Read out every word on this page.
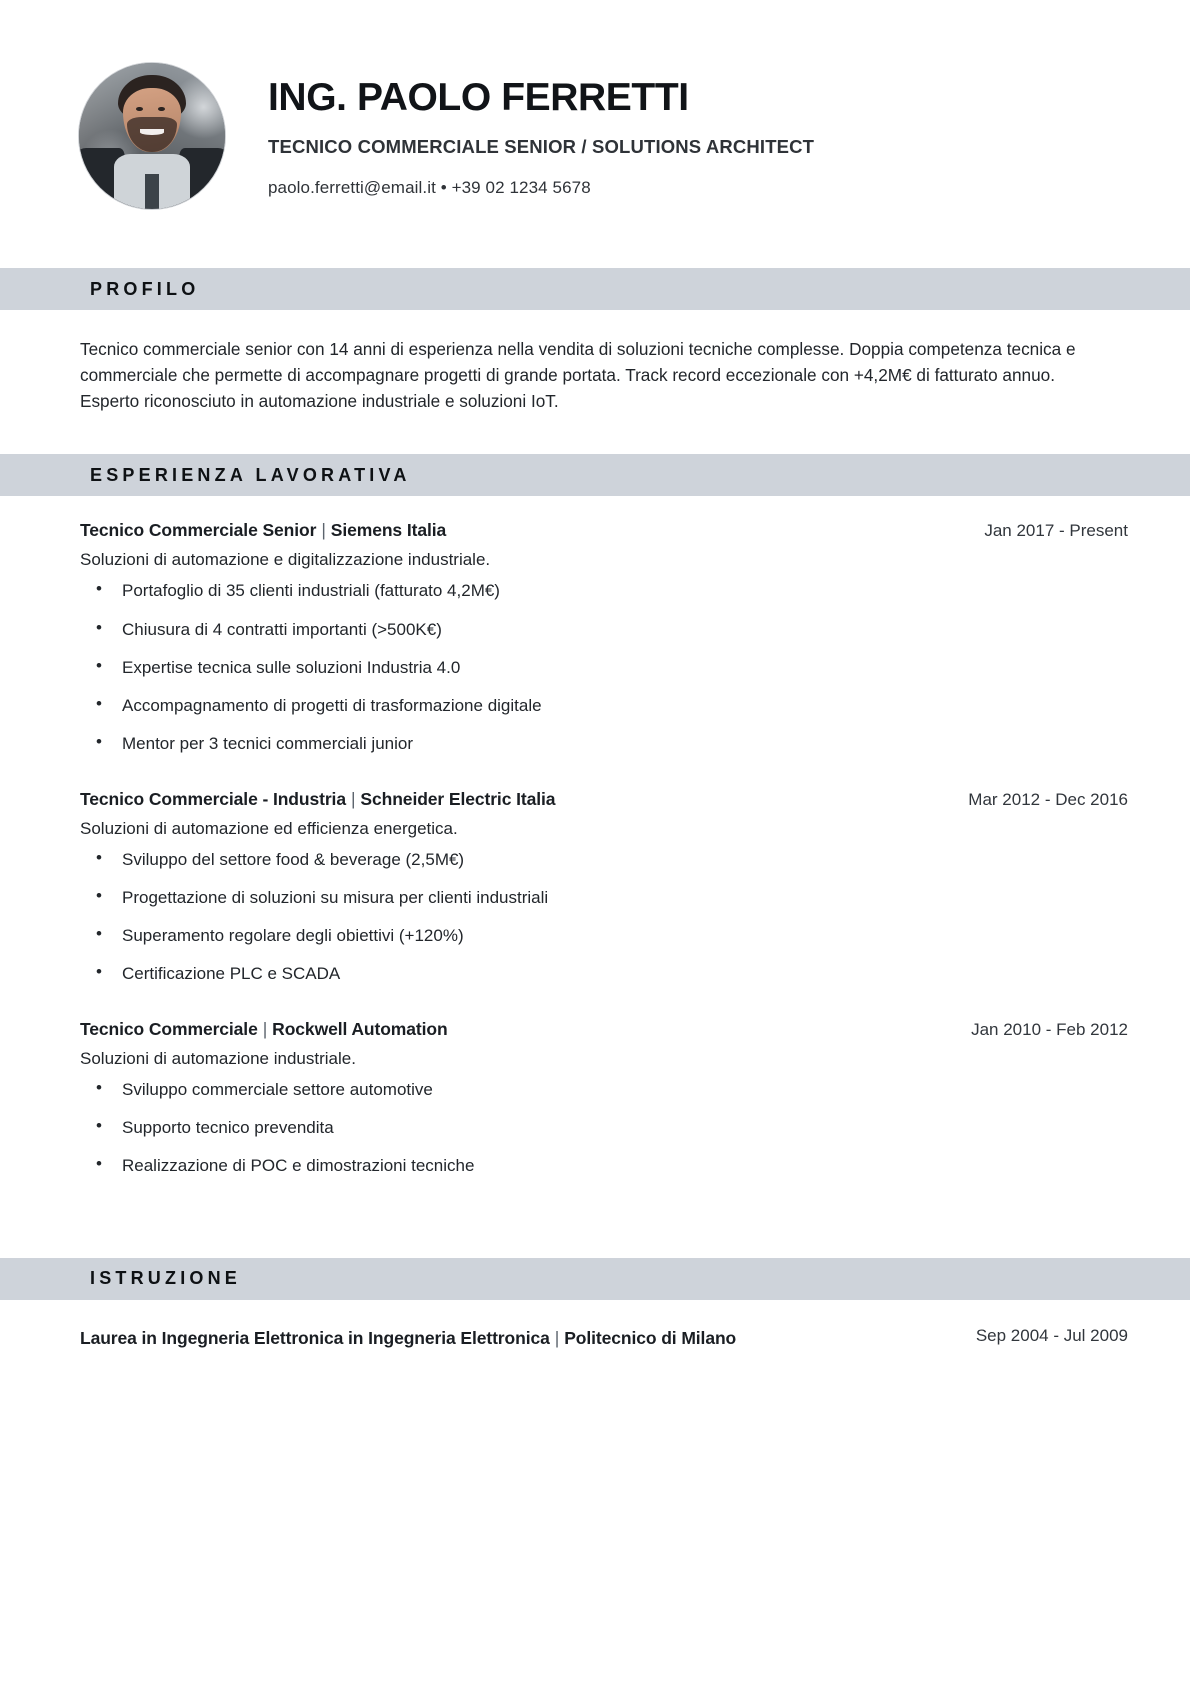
ING. PAOLO FERRETTI
TECNICO COMMERCIALE SENIOR / SOLUTIONS ARCHITECT
paolo.ferretti@email.it • +39 02 1234 5678
PROFILO
Tecnico commerciale senior con 14 anni di esperienza nella vendita di soluzioni tecniche complesse. Doppia competenza tecnica e commerciale che permette di accompagnare progetti di grande portata. Track record eccezionale con +4,2M€ di fatturato annuo. Esperto riconosciuto in automazione industriale e soluzioni IoT.
ESPERIENZA LAVORATIVA
Tecnico Commerciale Senior | Siemens Italia	Jan 2017 - Present
Soluzioni di automazione e digitalizzazione industriale.
• Portafoglio di 35 clienti industriali (fatturato 4,2M€)
• Chiusura di 4 contratti importanti (>500K€)
• Expertise tecnica sulle soluzioni Industria 4.0
• Accompagnamento di progetti di trasformazione digitale
• Mentor per 3 tecnici commerciali junior
Tecnico Commerciale - Industria | Schneider Electric Italia	Mar 2012 - Dec 2016
Soluzioni di automazione ed efficienza energetica.
• Sviluppo del settore food & beverage (2,5M€)
• Progettazione di soluzioni su misura per clienti industriali
• Superamento regolare degli obiettivi (+120%)
• Certificazione PLC e SCADA
Tecnico Commerciale | Rockwell Automation	Jan 2010 - Feb 2012
Soluzioni di automazione industriale.
• Sviluppo commerciale settore automotive
• Supporto tecnico prevendita
• Realizzazione di POC e dimostrazioni tecniche
ISTRUZIONE
Laurea in Ingegneria Elettronica in Ingegneria Elettronica | Politecnico di Milano	Sep 2004 - Jul 2009
